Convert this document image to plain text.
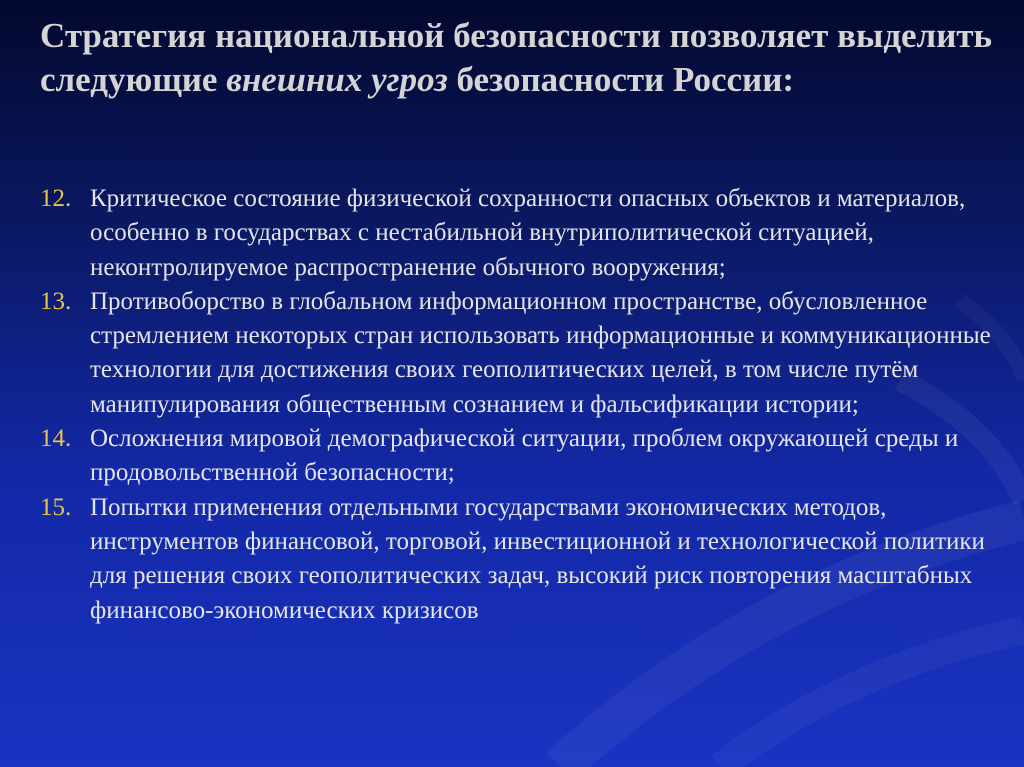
Стратегия национальной безопасности позволяет выделить следующие внешних угроз безопасности России:
12. Критическое состояние физической сохранности опасных объектов и материалов, особенно в государствах с нестабильной внутриполитической ситуацией, неконтролируемое распространение обычного вооружения;
13. Противоборство в глобальном информационном пространстве, обусловленное стремлением некоторых стран использовать информационные и коммуникационные технологии для достижения своих геополитических целей, в том числе путём манипулирования общественным сознанием и фальсификации истории;
14. Осложнения мировой демографической ситуации, проблем окружающей среды и продовольственной безопасности;
15. Попытки применения отдельными государствами экономических методов, инструментов финансовой, торговой, инвестиционной и технологической политики для решения своих геополитических задач, высокий риск повторения масштабных финансово-экономических кризисов
